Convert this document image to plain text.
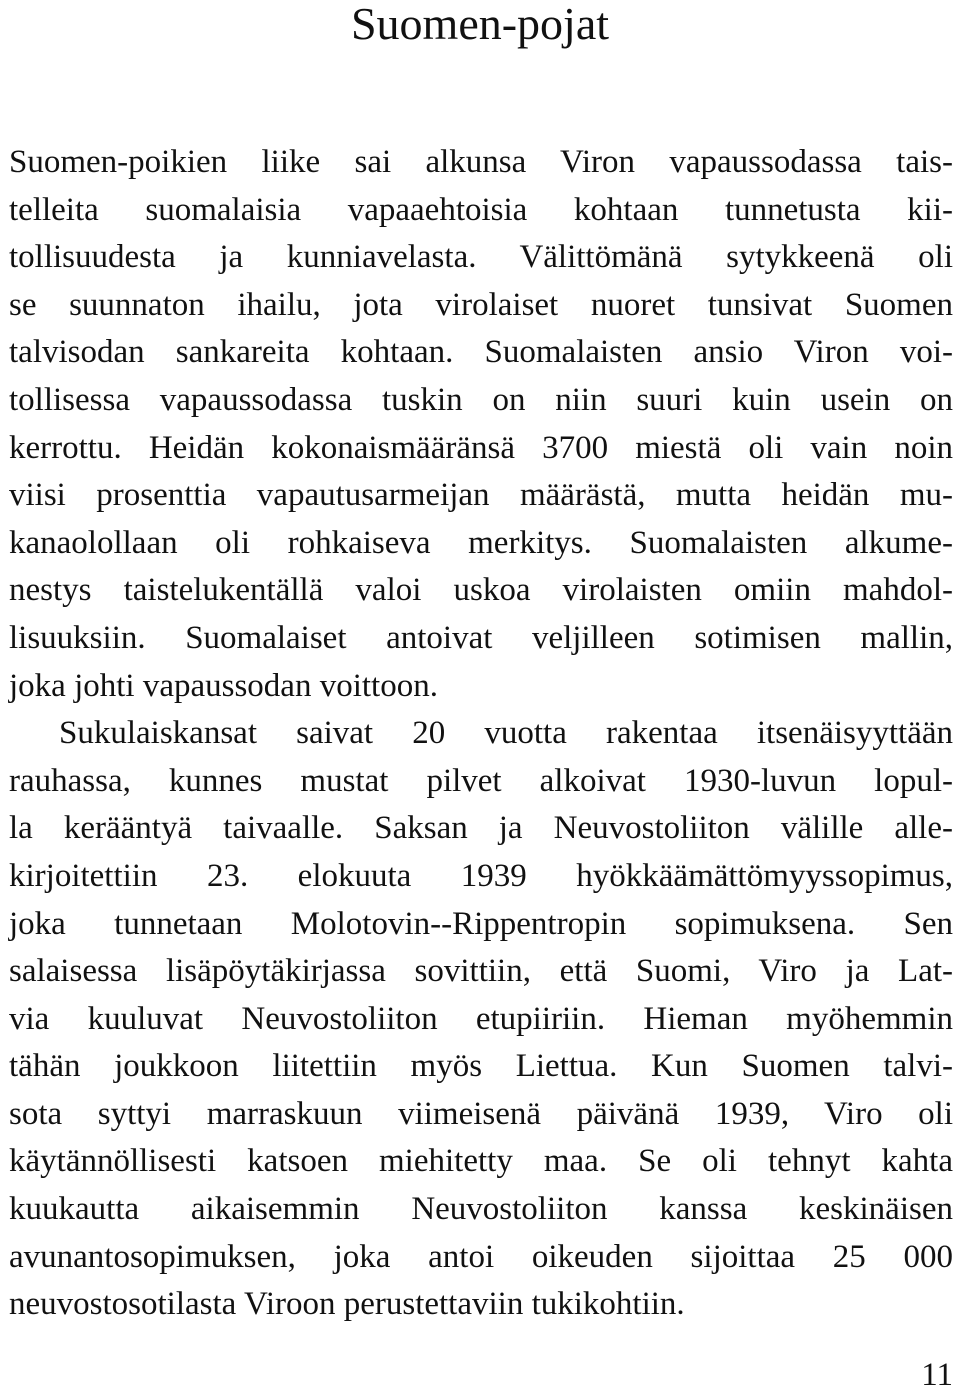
Suomen-pojat
Suomen-poikien liike sai alkunsa Viron vapaussodassa tais-
telleita suomalaisia vapaaehtoisia kohtaan tunnetusta kii-
tollisuudesta ja kunniavelasta. Välittömänä sytykkeenä oli
se suunnaton ihailu, jota virolaiset nuoret tunsivat Suomen
talvisodan sankareita kohtaan. Suomalaisten ansio Viron voi-
tollisessa vapaussodassa tuskin on niin suuri kuin usein on
kerrottu. Heidän kokonaismääränsä 3700 miestä oli vain noin
viisi prosenttia vapautusarmeijan määrästä, mutta heidän mu-
kanaolollaan oli rohkaiseva merkitys. Suomalaisten alkume-
nestys taistelukentällä valoi uskoa virolaisten omiin mahdol-
lisuuksiin. Suomalaiset antoivat veljilleen sotimisen mallin,
joka johti vapaussodan voittoon.
Sukulaiskansat saivat 20 vuotta rakentaa itsenäisyyttään
rauhassa, kunnes mustat pilvet alkoivat 1930-luvun lopul-
la kerääntyä taivaalle. Saksan ja Neuvostoliiton välille alle-
kirjoitettiin 23. elokuuta 1939 hyökkäämättömyyssopimus,
joka tunnetaan Molotovin--Rippentropin sopimuksena. Sen
salaisessa lisäpöytäkirjassa sovittiin, että Suomi, Viro ja Lat-
via kuuluvat Neuvostoliiton etupiiriin. Hieman myöhemmin
tähän joukkoon liitettiin myös Liettua. Kun Suomen talvi-
sota syttyi marraskuun viimeisenä päivänä 1939, Viro oli
käytännöllisesti katsoen miehitetty maa. Se oli tehnyt kahta
kuukautta aikaisemmin Neuvostoliiton kanssa keskinäisen
avunantosopimuksen, joka antoi oikeuden sijoittaa 25 000
neuvostosotilasta Viroon perustettaviin tukikohtiin.
11
